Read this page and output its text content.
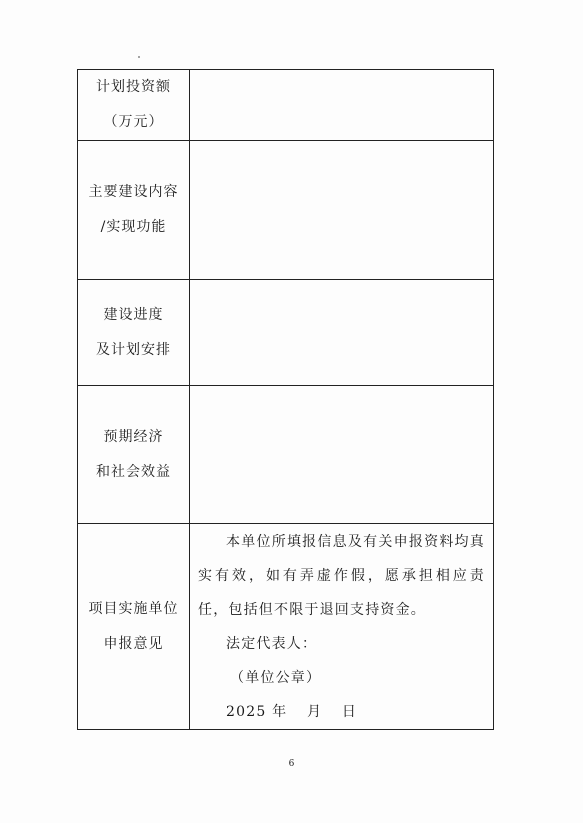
计划投资额
（万元）	

主要建设内容
/实现功能	

建设进度
及计划安排	

预期经济
和社会效益	

项目实施单位
申报意见	本单位所填报信息及有关申报资料均真实有效，如有弄虚作假，愿承担相应责任，包括但不限于退回支持资金。

法定代表人：
（单位公章）
2025 年 月 日
6
